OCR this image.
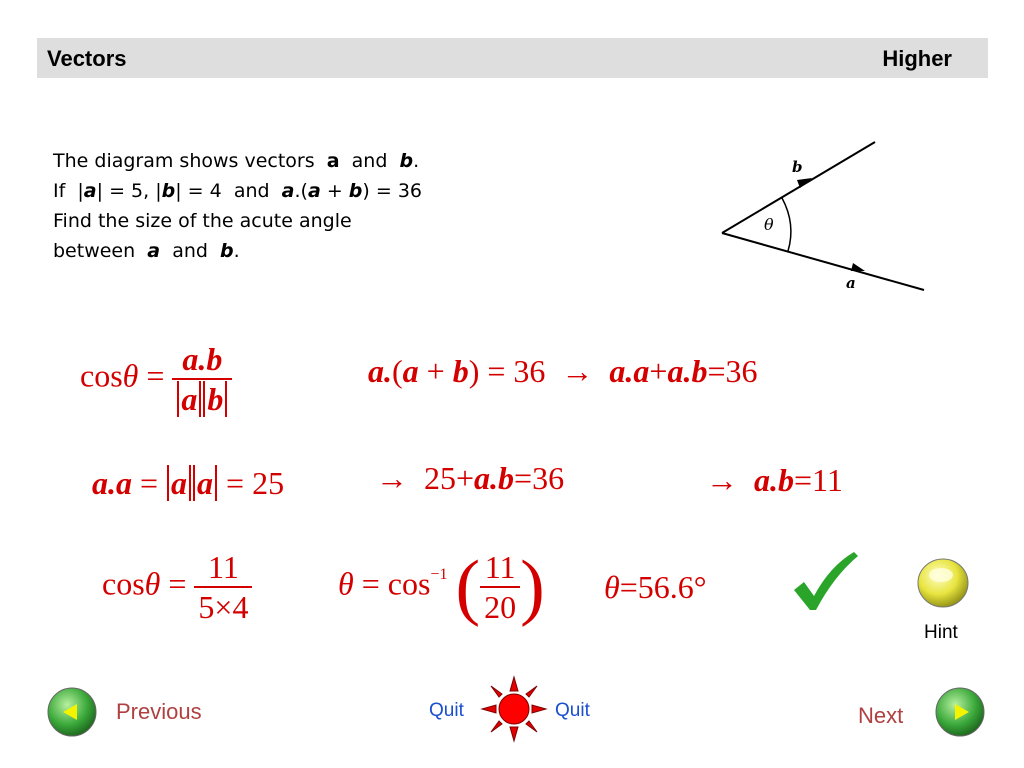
Vectors	Higher
The diagram shows vectors a and b.
If  |a| = 5, |b| = 4 and a.(a + b) = 36
Find the size of the acute angle
between a and b.
b
a
θ
$\cos\theta = \frac{a.b}{\text{a b}}$	a.(a + b) = 36 → a.a+a.b=36
a.a = a a = 25	→ 25+a.b=36	→ a.b=11
$\cos\theta = \frac{11}{5\times 4}$	$\theta = \cos^{-1}$ ( $\frac{11}{20}$ ) θ=56.6°
Hint
Previous	Quit	Quit	Next
